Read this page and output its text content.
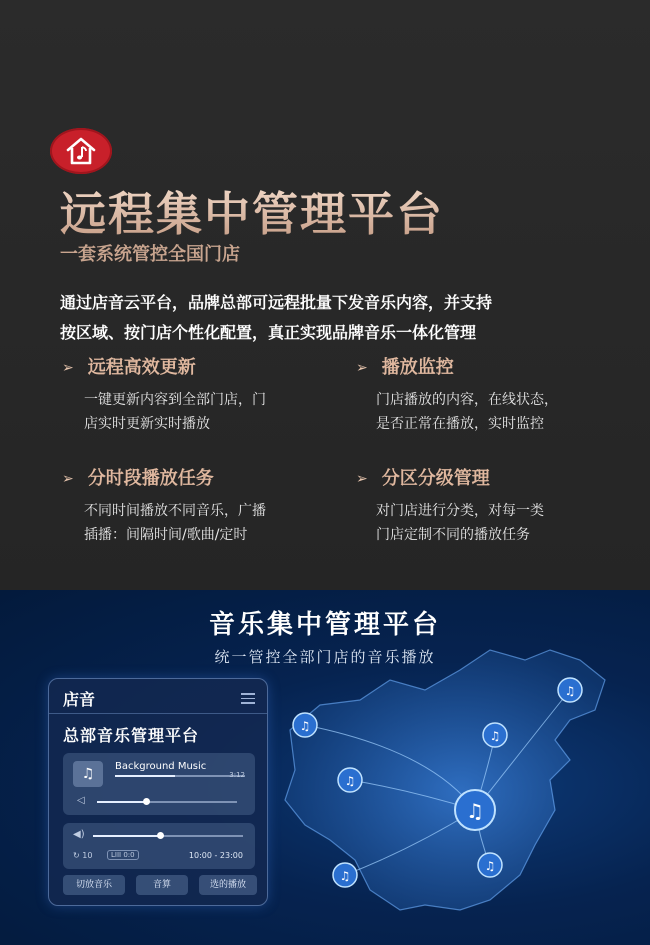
远程集中管理平台
一套系统管控全国门店
通过店音云平台，品牌总部可远程批量下发音乐内容，并支持
按区域、按门店个性化配置，真正实现品牌音乐一体化管理
➢ 远程高效更新
一键更新内容到全部门店，门
店实时更新实时播放
➢ 播放监控
门店播放的内容，在线状态，
是否正常在播放，实时监控
➢ 分时段播放任务
不同时间播放不同音乐，广播
插播：间隔时间/歌曲/定时
➢ 分区分级管理
对门店进行分类，对每一类
门店定制不同的播放任务
♫
♫
♫
♫
♫
♫
♫
音乐集中管理平台
统一管控全部门店的音乐播放
店音
总部音乐管理平台
♫	Background Music
3:12
◁
◀)
↻ 10	LIII 0:0	10:00 - 23:00
切放音乐	音算	选的播放
